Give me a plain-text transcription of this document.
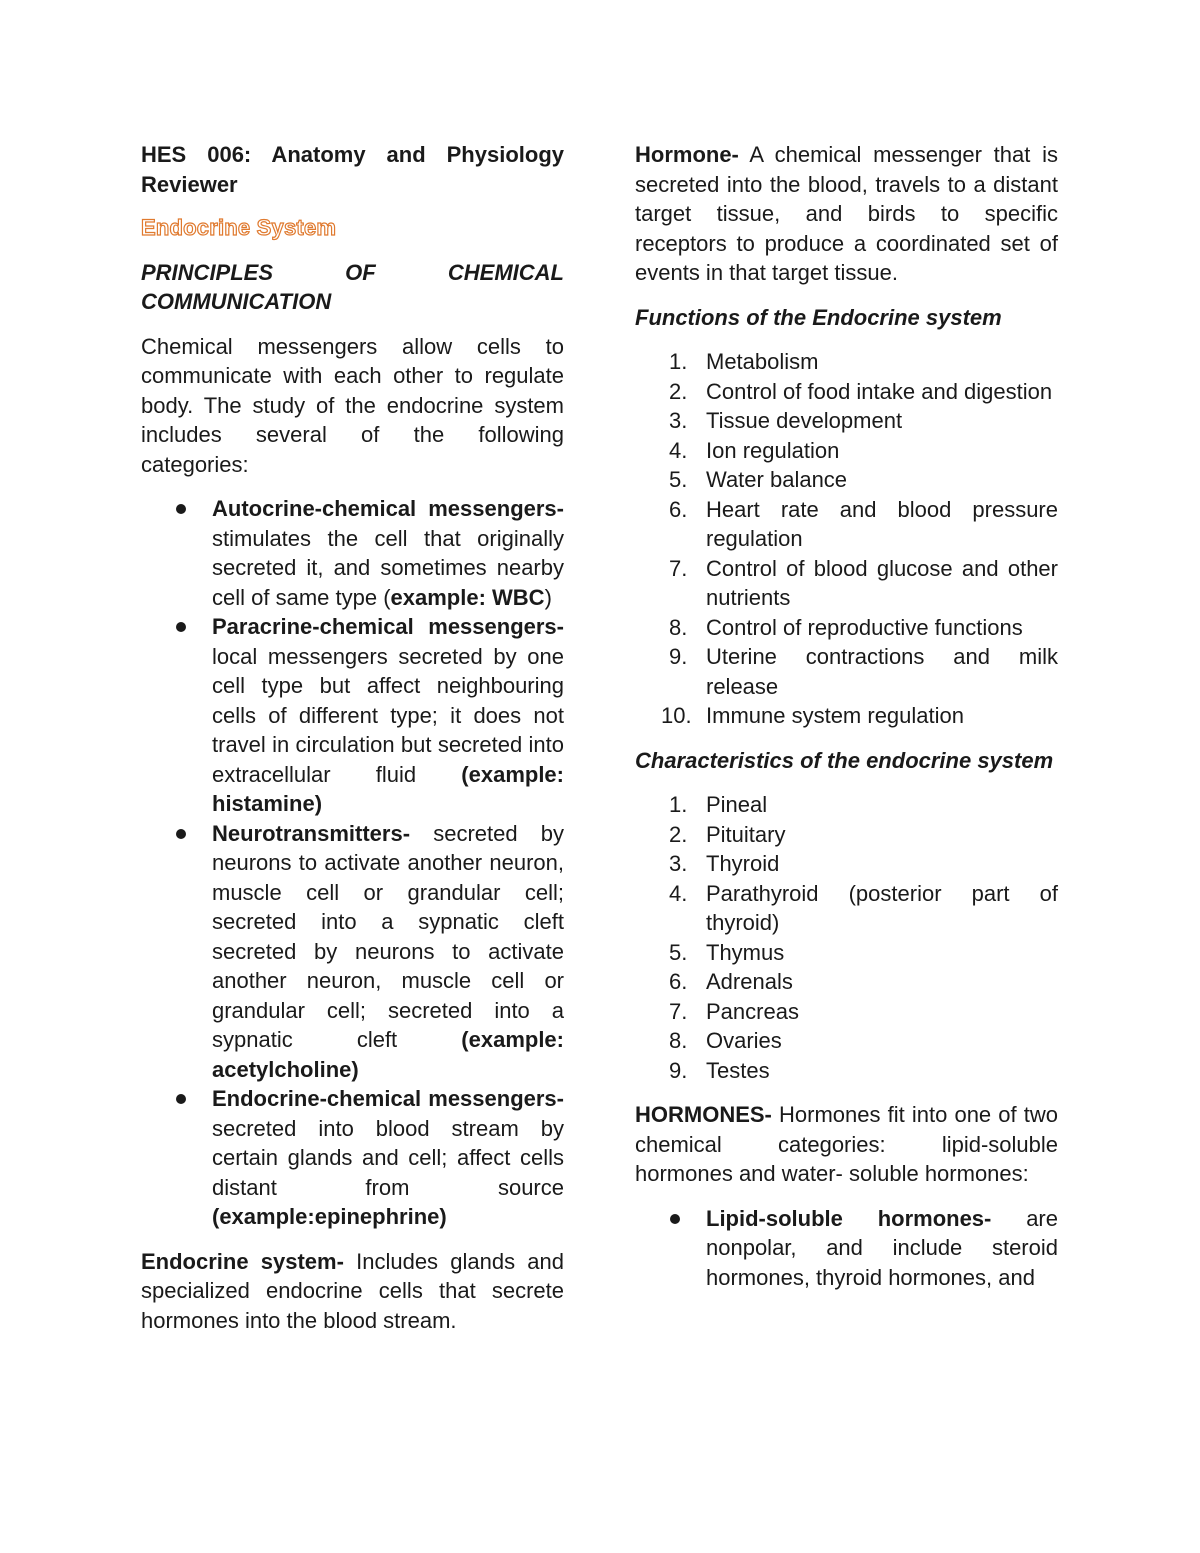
HES 006: Anatomy and Physiology Reviewer

Endocrine System

PRINCIPLES OF CHEMICAL COMMUNICATION

Chemical messengers allow cells to communicate with each other to regulate body. The study of the endocrine system includes several of the following categories:

Autocrine-chemical messengers- stimulates the cell that originally secreted it, and sometimes nearby cell of same type (example: WBC)
Paracrine-chemical messengers- local messengers secreted by one cell type but affect neighbouring cells of different type; it does not travel in circulation but secreted into extracellular fluid (example: histamine)
Neurotransmitters- secreted by neurons to activate another neuron, muscle cell or grandular cell; secreted into a sypnatic cleft secreted by neurons to activate another neuron, muscle cell or grandular cell; secreted into a sypnatic cleft (example: acetylcholine)
Endocrine-chemical messengers- secreted into blood stream by certain glands and cell; affect cells distant from source (example:epinephrine)

Endocrine system- Includes glands and specialized endocrine cells that secrete hormones into the blood stream.

Hormone- A chemical messenger that is secreted into the blood, travels to a distant target tissue, and birds to specific receptors to produce a coordinated set of events in that target tissue.

Functions of the Endocrine system

1. Metabolism
2. Control of food intake and digestion
3. Tissue development
4. Ion regulation
5. Water balance
6. Heart rate and blood pressure regulation
7. Control of blood glucose and other nutrients
8. Control of reproductive functions
9. Uterine contractions and milk release
10. Immune system regulation

Characteristics of the endocrine system

1. Pineal
2. Pituitary
3. Thyroid
4. Parathyroid (posterior part of thyroid)
5. Thymus
6. Adrenals
7. Pancreas
8. Ovaries
9. Testes

HORMONES- Hormones fit into one of two chemical categories: lipid-soluble hormones and water- soluble hormones:

Lipid-soluble hormones- are nonpolar, and include steroid hormones, thyroid hormones, and
